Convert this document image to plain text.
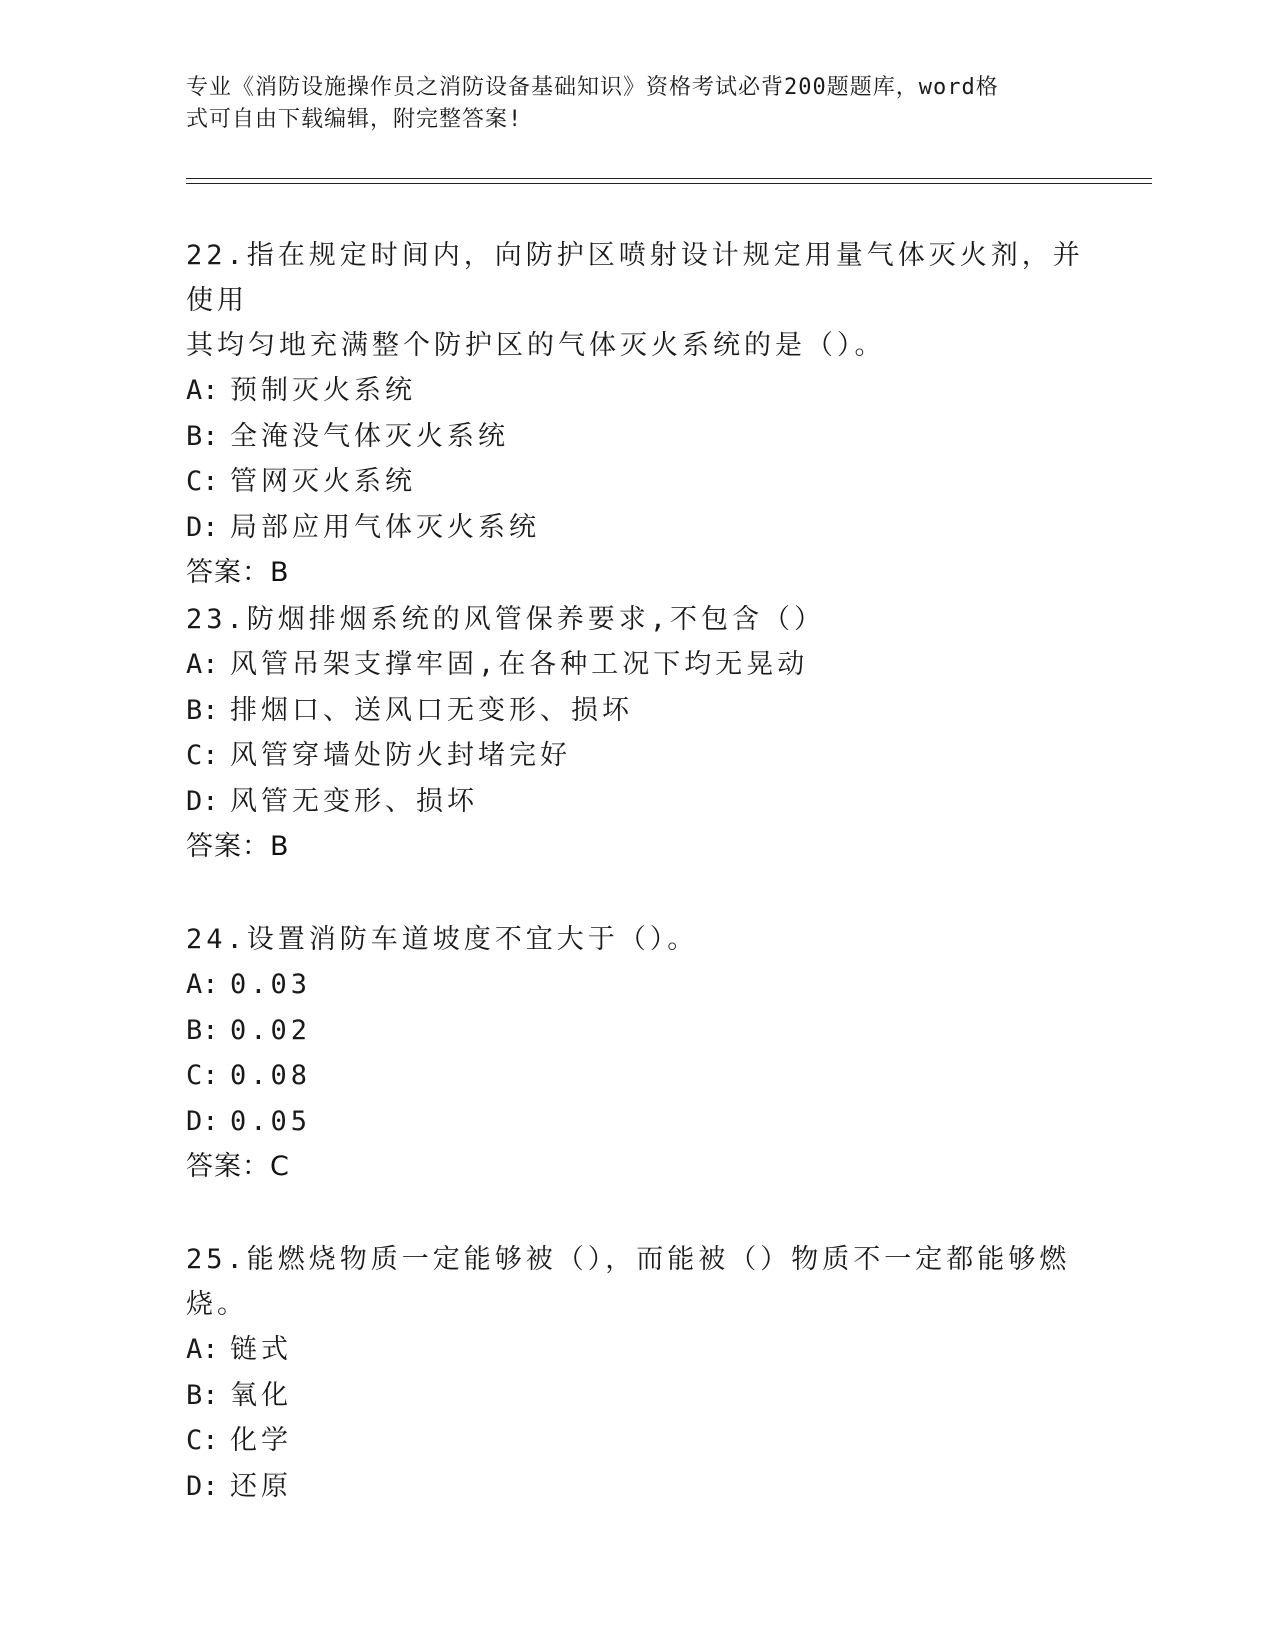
专业《消防设施操作员之消防设备基础知识》资格考试必背200题题库，word格
式可自由下载编辑，附完整答案!
22.指在规定时间内，向防护区喷射设计规定用量气体灭火剂，并使用
其均匀地充满整个防护区的气体灭火系统的是（）。
A: 预制灭火系统
B: 全淹没气体灭火系统
C: 管网灭火系统
D: 局部应用气体灭火系统
答案：B
23.防烟排烟系统的风管保养要求,不包含（）
A: 风管吊架支撑牢固,在各种工况下均无晃动
B: 排烟口、送风口无变形、损坏
C: 风管穿墙处防火封堵完好
D: 风管无变形、损坏
答案：B
24.设置消防车道坡度不宜大于（）。
A: 0.03
B: 0.02
C: 0.08
D: 0.05
答案：C
25.能燃烧物质一定能够被（），而能被（）物质不一定都能够燃烧。
A: 链式
B: 氧化
C: 化学
D: 还原
